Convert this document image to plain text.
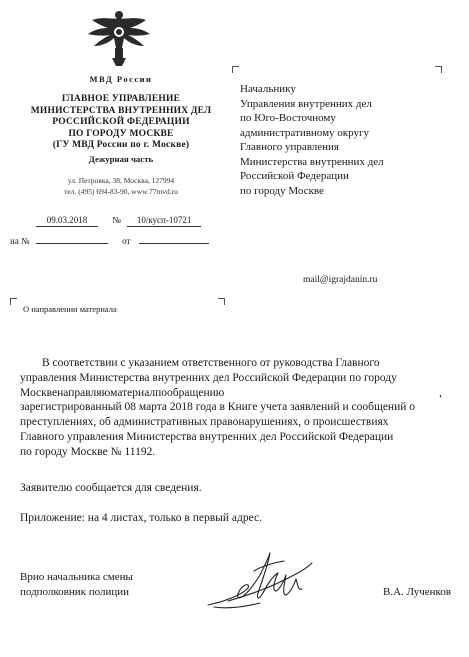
МВД России
ГЛАВНОЕ УПРАВЛЕНИЕ
МИНИСТЕРСТВА ВНУТРЕННИХ ДЕЛ
РОССИЙСКОЙ ФЕДЕРАЦИИ
ПО ГОРОДУ МОСКВЕ
(ГУ МВД России по г. Москве)
Дежурная часть
ул. Петровка, 38, Москва, 127994
тел. (495) 694-83-90, www.77mvd.ru
09.03.2018	№ 10/кусп-10721
на №	от
Начальнику
Управления внутренних дел
по Юго-Восточному
административному округу
Главного управления
Министерства внутренних дел
Российской Федерации
по городу Москве
mail@igrajdanin.ru
О направлении материала

В соответствии с указанием ответственного от руководства Главного

управления Министерства внутренних дел Российской Федерации по городу

Москве направляю материал по обращению	,

зарегистрированный 08 марта 2018 года в Книге учета заявлений и сообщений о

преступлениях, об административных правонарушениях, о происшествиях

Главного управления Министерства внутренних дел Российской Федерации

по городу Москве № 11192.

Заявителю сообщается для сведения.
Приложение: на 4 листах, только в первый адрес.
Врио начальника смены
подполковник полиции	В.А. Лученков
